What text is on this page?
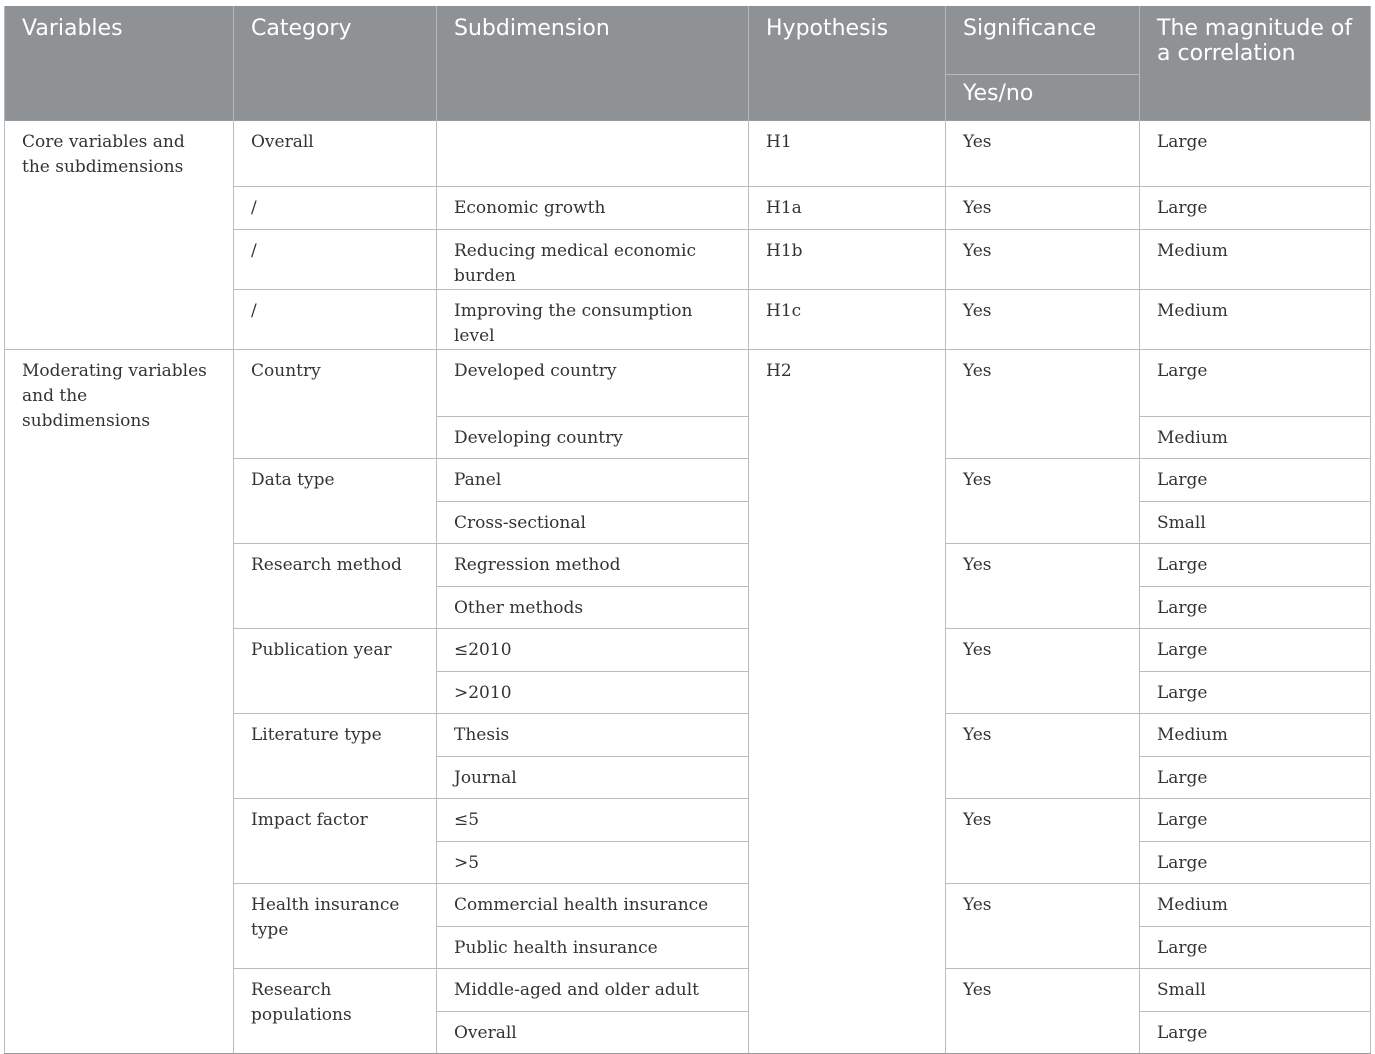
Variables	Category	Subdimension	Hypothesis	Significance	The magnitude of a correlation
				Yes/no	
Core variables and the subdimensions	Overall		H1	Yes	Large
	/	Economic growth	H1a	Yes	Large
	/	Reducing medical economic burden	H1b	Yes	Medium
	/	Improving the consumption level	H1c	Yes	Medium
Moderating variables and the subdimensions	Country	Developed country	H2	Yes	Large
		Developing country			Medium
	Data type	Panel		Yes	Large
		Cross-sectional			Small
	Research method	Regression method		Yes	Large
		Other methods			Large
	Publication year	≤2010		Yes	Large
		>2010			Large
	Literature type	Thesis		Yes	Medium
		Journal			Large
	Impact factor	≤5		Yes	Large
		>5			Large
	Health insurance type	Commercial health insurance		Yes	Medium
		Public health insurance			Large
	Research populations	Middle-aged and older adult		Yes	Small
		Overall			Large
